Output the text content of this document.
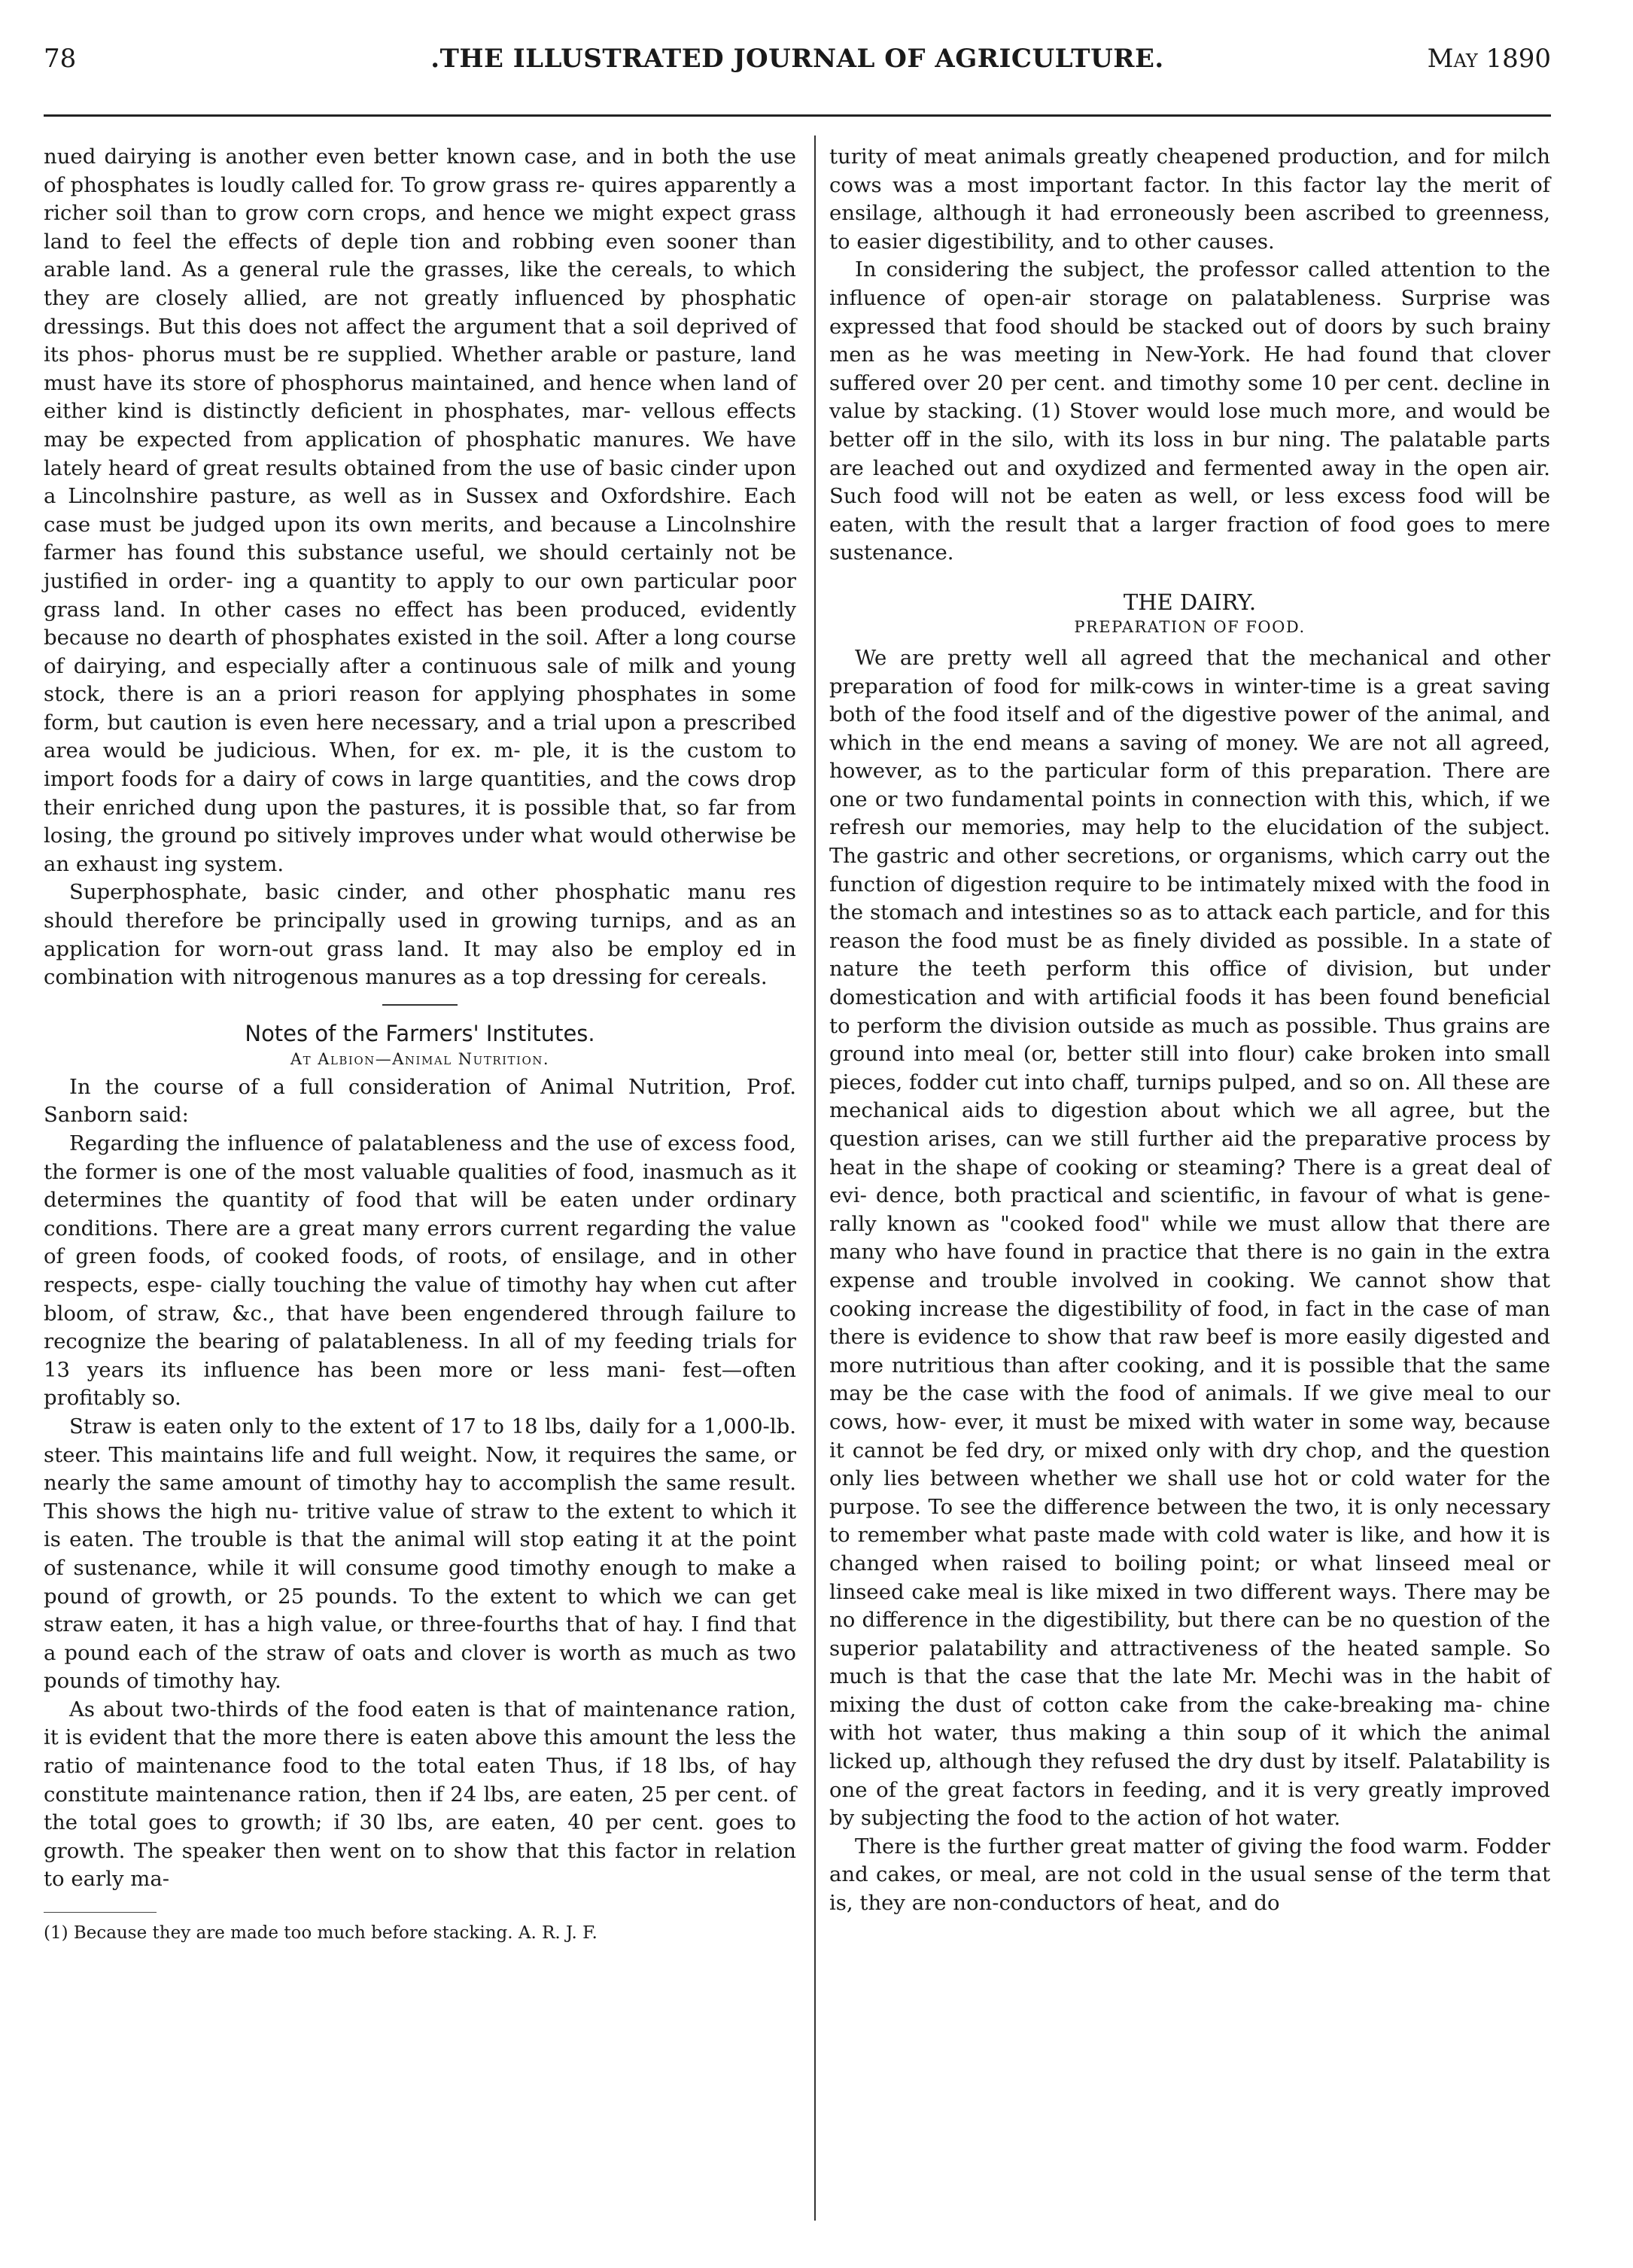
78	.THE ILLUSTRATED JOURNAL OF AGRICULTURE.	May 1890

nued dairying is another even better known case, and in both the use of phosphates is loudly called for. To grow grass re- quires apparently a richer soil than to grow corn crops, and hence we might expect grass land to feel the effects of deple tion and robbing even sooner than arable land. As a general rule the grasses, like the cereals, to which they are closely allied, are not greatly influenced by phosphatic dressings. But this does not affect the argument that a soil deprived of its phos- phorus must be re supplied. Whether arable or pasture, land must have its store of phosphorus maintained, and hence when land of either kind is distinctly deficient in phosphates, mar- vellous effects may be expected from application of phosphatic manures. We have lately heard of great results obtained from the use of basic cinder upon a Lincolnshire pasture, as well as in Sussex and Oxfordshire. Each case must be judged upon its own merits, and because a Lincolnshire farmer has found this substance useful, we should certainly not be justified in order- ing a quantity to apply to our own particular poor grass land. In other cases no effect has been produced, evidently because no dearth of phosphates existed in the soil. After a long course of dairying, and especially after a continuous sale of milk and young stock, there is an a priori reason for applying phosphates in some form, but caution is even here necessary, and a trial upon a prescribed area would be judicious. When, for ex. m- ple, it is the custom to import foods for a dairy of cows in large quantities, and the cows drop their enriched dung upon the pastures, it is possible that, so far from losing, the ground po sitively improves under what would otherwise be an exhaust ing system.

Superphosphate, basic cinder, and other phosphatic manu res should therefore be principally used in growing turnips, and as an application for worn-out grass land. It may also be employ ed in combination with nitrogenous manures as a top dressing for cereals.

Notes of the Farmers' Institutes.

At Albion—Animal Nutrition.

In the course of a full consideration of Animal Nutrition, Prof. Sanborn said:

Regarding the influence of palatableness and the use of excess food, the former is one of the most valuable qualities of food, inasmuch as it determines the quantity of food that will be eaten under ordinary conditions. There are a great many errors current regarding the value of green foods, of cooked foods, of roots, of ensilage, and in other respects, espe- cially touching the value of timothy hay when cut after bloom, of straw, &c., that have been engendered through failure to recognize the bearing of palatableness. In all of my feeding trials for 13 years its influence has been more or less mani- fest—often profitably so.

Straw is eaten only to the extent of 17 to 18 lbs, daily for a 1,000-lb. steer. This maintains life and full weight. Now, it requires the same, or nearly the same amount of timothy hay to accomplish the same result. This shows the high nu- tritive value of straw to the extent to which it is eaten. The trouble is that the animal will stop eating it at the point of sustenance, while it will consume good timothy enough to make a pound of growth, or 25 pounds. To the extent to which we can get straw eaten, it has a high value, or three-fourths that of hay. I find that a pound each of the straw of oats and clover is worth as much as two pounds of timothy hay.

As about two-thirds of the food eaten is that of maintenance ration, it is evident that the more there is eaten above this amount the less the ratio of maintenance food to the total eaten Thus, if 18 lbs, of hay constitute maintenance ration, then if 24 lbs, are eaten, 25 per cent. of the total goes to growth; if 30 lbs, are eaten, 40 per cent. goes to growth. The speaker then went on to show that this factor in relation to early ma-

(1) Because they are made too much before stacking. A. R. J. F.

turity of meat animals greatly cheapened production, and for milch cows was a most important factor. In this factor lay the merit of ensilage, although it had erroneously been ascribed to greenness, to easier digestibility, and to other causes.

In considering the subject, the professor called attention to the influence of open-air storage on palatableness. Surprise was expressed that food should be stacked out of doors by such brainy men as he was meeting in New-York. He had found that clover suffered over 20 per cent. and timothy some 10 per cent. decline in value by stacking. (1) Stover would lose much more, and would be better off in the silo, with its loss in bur ning. The palatable parts are leached out and oxydized and fermented away in the open air. Such food will not be eaten as well, or less excess food will be eaten, with the result that a larger fraction of food goes to mere sustenance.

THE DAIRY.

PREPARATION OF FOOD.

We are pretty well all agreed that the mechanical and other preparation of food for milk-cows in winter-time is a great saving both of the food itself and of the digestive power of the animal, and which in the end means a saving of money. We are not all agreed, however, as to the particular form of this preparation. There are one or two fundamental points in connection with this, which, if we refresh our memories, may help to the elucidation of the subject. The gastric and other secretions, or organisms, which carry out the function of digestion require to be intimately mixed with the food in the stomach and intestines so as to attack each particle, and for this reason the food must be as finely divided as possible. In a state of nature the teeth perform this office of division, but under domestication and with artificial foods it has been found beneficial to perform the division outside as much as possible. Thus grains are ground into meal (or, better still into flour) cake broken into small pieces, fodder cut into chaff, turnips pulped, and so on. All these are mechanical aids to digestion about which we all agree, but the question arises, can we still further aid the preparative process by heat in the shape of cooking or steaming? There is a great deal of evi- dence, both practical and scientific, in favour of what is gene- rally known as "cooked food" while we must allow that there are many who have found in practice that there is no gain in the extra expense and trouble involved in cooking. We cannot show that cooking increase the digestibility of food, in fact in the case of man there is evidence to show that raw beef is more easily digested and more nutritious than after cooking, and it is possible that the same may be the case with the food of animals. If we give meal to our cows, how- ever, it must be mixed with water in some way, because it cannot be fed dry, or mixed only with dry chop, and the question only lies between whether we shall use hot or cold water for the purpose. To see the difference between the two, it is only necessary to remember what paste made with cold water is like, and how it is changed when raised to boiling point; or what linseed meal or linseed cake meal is like mixed in two different ways. There may be no difference in the digestibility, but there can be no question of the superior palatability and attractiveness of the heated sample. So much is that the case that the late Mr. Mechi was in the habit of mixing the dust of cotton cake from the cake-breaking ma- chine with hot water, thus making a thin soup of it which the animal licked up, although they refused the dry dust by itself. Palatability is one of the great factors in feeding, and it is very greatly improved by subjecting the food to the action of hot water.

There is the further great matter of giving the food warm. Fodder and cakes, or meal, are not cold in the usual sense of the term that is, they are non-conductors of heat, and do
